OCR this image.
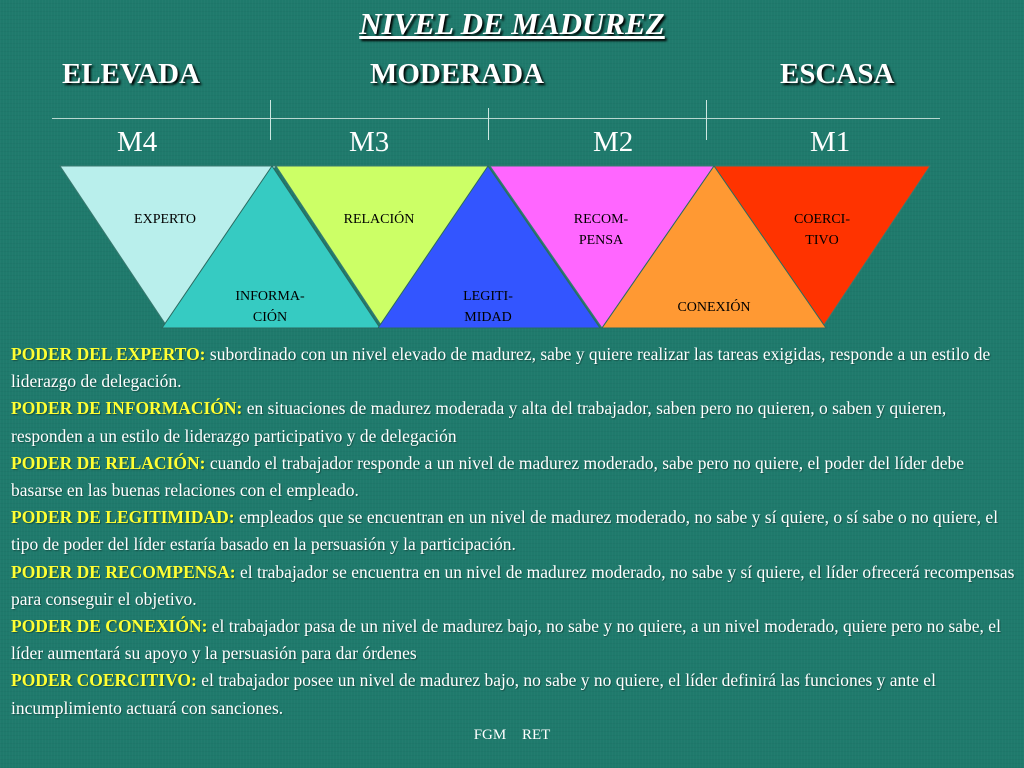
NIVEL DE MADUREZ
ELEVADA	MODERADA	ESCASA
M4	M3	M2	M1
EXPERTO	RELACIÓN	RECOM-
PENSA
COERCI-
TIVO
INFORMA-
CIÓN
LEGITI-
MIDAD
CONEXIÓN

PODER DEL EXPERTO: subordinado con un nivel elevado de madurez, sabe y quiere realizar las tareas exigidas, responde a un estilo de liderazgo de delegación.

PODER DE INFORMACIÓN: en situaciones de madurez moderada y alta del trabajador, saben pero no quieren, o saben y quieren, responden a un estilo de liderazgo participativo y de delegación

PODER DE RELACIÓN: cuando el trabajador responde a un nivel de madurez moderado, sabe pero no quiere, el poder del líder debe basarse en las buenas relaciones con el empleado.

PODER DE LEGITIMIDAD: empleados que se encuentran en un nivel de madurez moderado, no sabe y sí quiere, o sí sabe o no quiere, el tipo de poder del líder estaría basado en la persuasión y la participación.

PODER DE RECOMPENSA: el trabajador se encuentra en un nivel de madurez moderado, no sabe y sí quiere, el líder ofrecerá recompensas para conseguir el objetivo.

PODER DE CONEXIÓN: el trabajador pasa de un nivel de madurez bajo, no sabe y no quiere, a un nivel moderado, quiere pero no sabe, el líder aumentará su apoyo y la persuasión para dar órdenes

PODER COERCITIVO: el trabajador posee un nivel de madurez bajo, no sabe y no quiere, el líder definirá las funciones y ante el incumplimiento actuará con sanciones.

FGM RET
